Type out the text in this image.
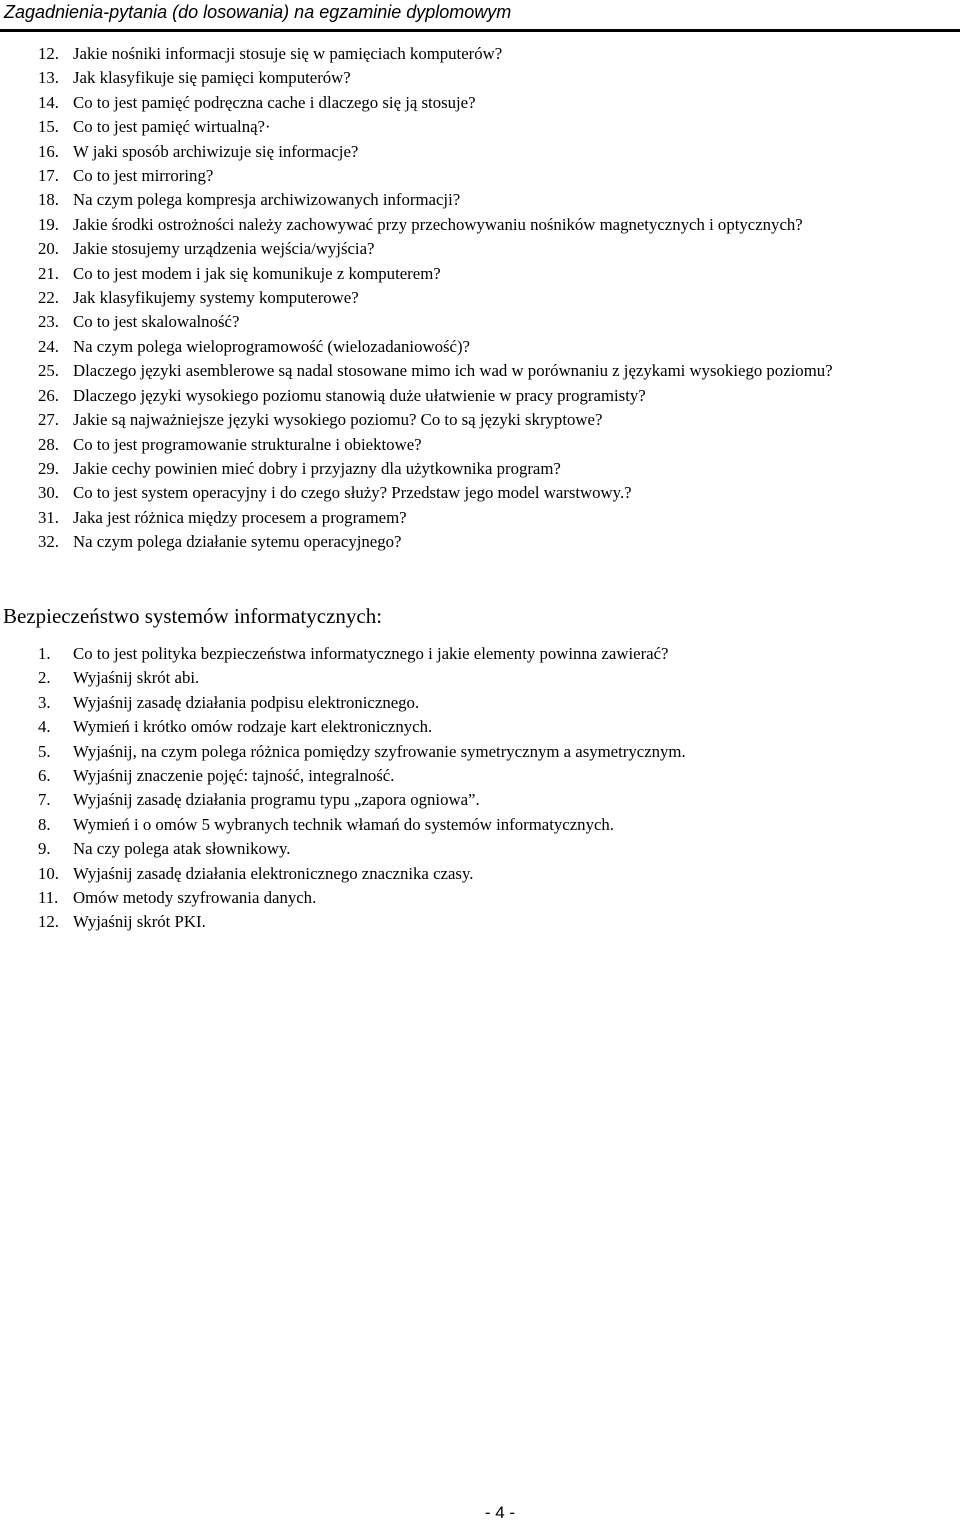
Zagadnienia-pytania (do losowania) na egzaminie dyplomowym
12. Jakie nośniki informacji stosuje się w pamięciach komputerów?
13. Jak klasyfikuje się pamięci komputerów?
14. Co to jest pamięć podręczna cache i dlaczego się ją stosuje?
15. Co to jest pamięć wirtualną?·
16. W jaki sposób archiwizuje się informacje?
17. Co to jest mirroring?
18. Na czym polega kompresja archiwizowanych informacji?
19. Jakie środki ostrożności należy zachowywać przy przechowywaniu nośników magnetycznych i optycznych?
20. Jakie stosujemy urządzenia wejścia/wyjścia?
21. Co to jest modem i jak się komunikuje z komputerem?
22. Jak klasyfikujemy systemy komputerowe?
23. Co to jest skalowalność?
24. Na czym polega wieloprogramowość (wielozadaniowość)?
25. Dlaczego języki asemblerowe są nadal stosowane mimo ich wad w porównaniu z językami wysokiego poziomu?
26. Dlaczego języki wysokiego poziomu stanowią duże ułatwienie w pracy programisty?
27. Jakie są najważniejsze języki wysokiego poziomu? Co to są języki skryptowe?
28. Co to jest programowanie strukturalne i obiektowe?
29. Jakie cechy powinien mieć dobry i przyjazny dla użytkownika program?
30. Co to jest system operacyjny i do czego służy? Przedstaw jego model warstwowy.?
31. Jaka jest różnica między procesem a programem?
32. Na czym polega działanie sytemu operacyjnego?
Bezpieczeństwo systemów informatycznych:
1. Co to jest polityka bezpieczeństwa informatycznego i jakie elementy powinna zawierać?
2. Wyjaśnij skrót abi.
3. Wyjaśnij zasadę działania podpisu elektronicznego.
4. Wymień i krótko omów rodzaje kart elektronicznych.
5. Wyjaśnij, na czym polega różnica pomiędzy szyfrowanie symetrycznym a asymetrycznym.
6. Wyjaśnij znaczenie pojęć: tajność, integralność.
7. Wyjaśnij zasadę działania programu typu „zapora ogniowa”.
8. Wymień i o omów 5 wybranych technik włamań do systemów informatycznych.
9. Na czy polega atak słownikowy.
10. Wyjaśnij zasadę działania elektronicznego znacznika czasy.
11. Omów metody szyfrowania danych.
12. Wyjaśnij skrót PKI.
- 4 -
